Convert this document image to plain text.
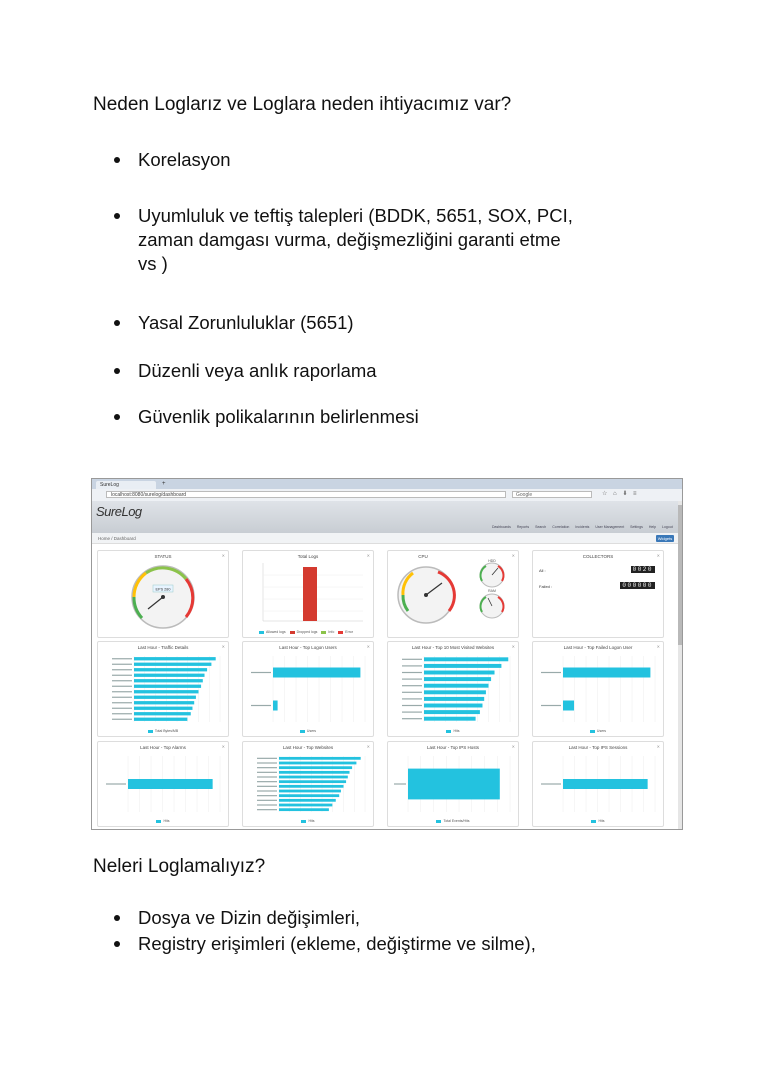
Neden Loglarız ve Loglara neden ihtiyacımız var?
Korelasyon
Uyumluluk ve teftiş talepleri (BDDK, 5651, SOX, PCI,
zaman damgası vurma, değişmezliğini garanti etme
vs )
Yasal Zorunluluklar (5651)
Düzenli veya anlık raporlama
Güvenlik polikalarının belirlenmesi
SureLog	+
localhost:8080/surelog/dashboard	Google	☆ ⌂ ⬇ ≡
SureLog
Dashboards Reports Search Correlation Incidents User Management Settings Help Logout
Home / Dashboard	Widgets
STATUS	✕
EPS 280
Total Logs	✕
Allowed logs	Dropped logs	Info	Error
CPU	✕
HDD
RAM
COLLECTORS	✕
All :	0020
Failed :	000000
Last Hour - Traffic Details	✕
Total Bytes/MB
Last Hour - Top Logon Users	✕
Users
Last Hour - Top 10 Most Visited Websites	✕
Hits
Last Hour - Top Failed Logon User	✕
Users
Last Hour - Top Alarms	✕
Hits
Last Hour - Top Websites	✕
Hits
Last Hour - Top IPS Hosts	✕
Total Events/Hits
Last Hour - Top IPS Sessions	✕
Hits
Neleri Loglamalıyız?
Dosya ve Dizin değişimleri,
Registry erişimleri (ekleme, değiştirme ve silme),
